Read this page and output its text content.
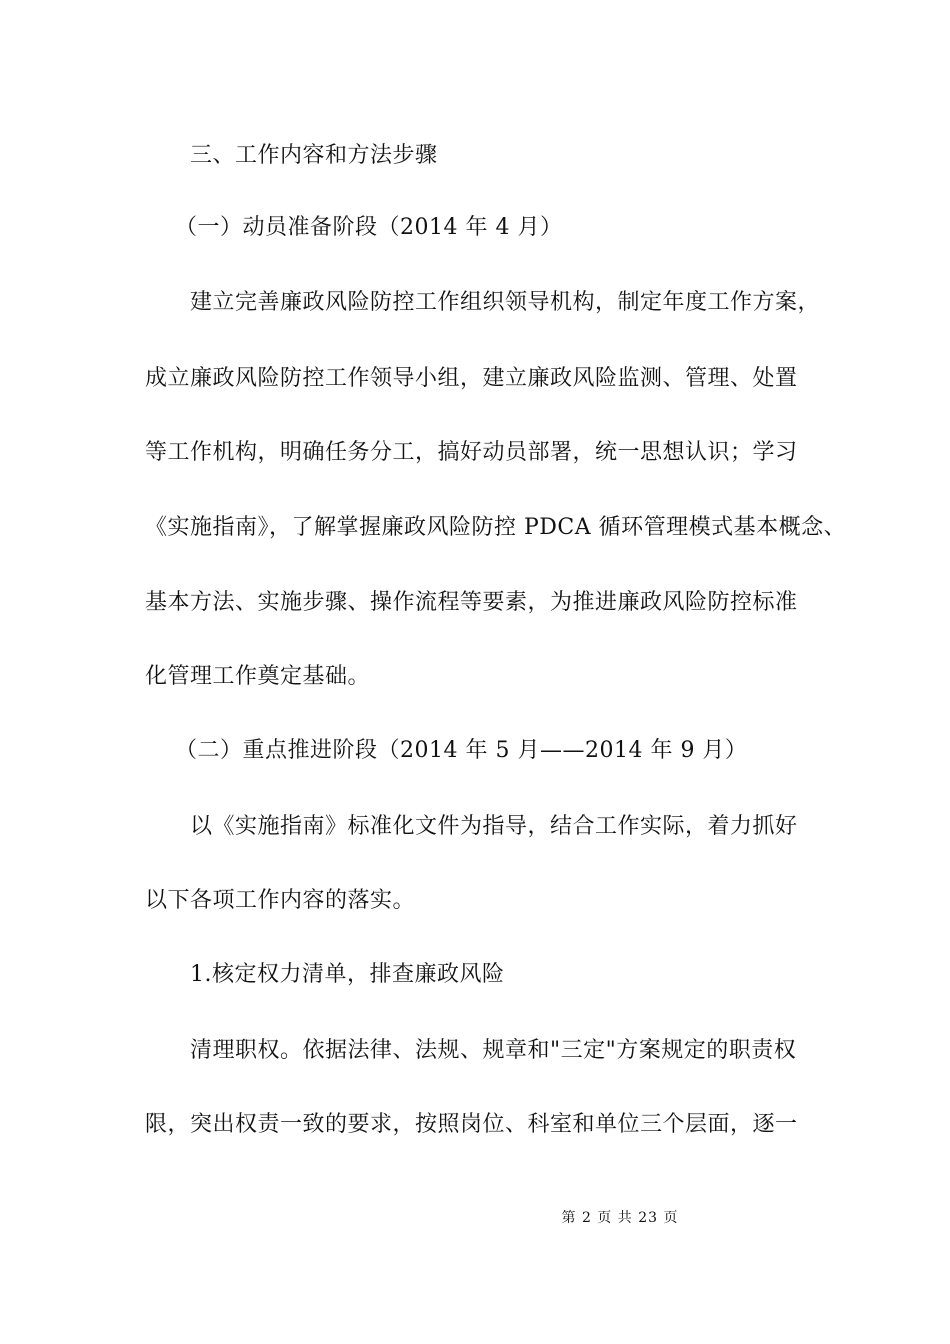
三、工作内容和方法步骤
（一）动员准备阶段（2014 年 4 月）
建立完善廉政风险防控工作组织领导机构，制定年度工作方案，
成立廉政风险防控工作领导小组，建立廉政风险监测、管理、处置
等工作机构，明确任务分工，搞好动员部署，统一思想认识；学习
《实施指南》，了解掌握廉政风险防控 PDCA 循环管理模式基本概念、
基本方法、实施步骤、操作流程等要素，为推进廉政风险防控标准
化管理工作奠定基础。
（二）重点推进阶段（2014 年 5 月——2014 年 9 月）
以《实施指南》标准化文件为指导，结合工作实际，着力抓好
以下各项工作内容的落实。
1.核定权力清单，排查廉政风险
清理职权。依据法律、法规、规章和"三定"方案规定的职责权
限，突出权责一致的要求，按照岗位、科室和单位三个层面，逐一
第 2 页 共 23 页
